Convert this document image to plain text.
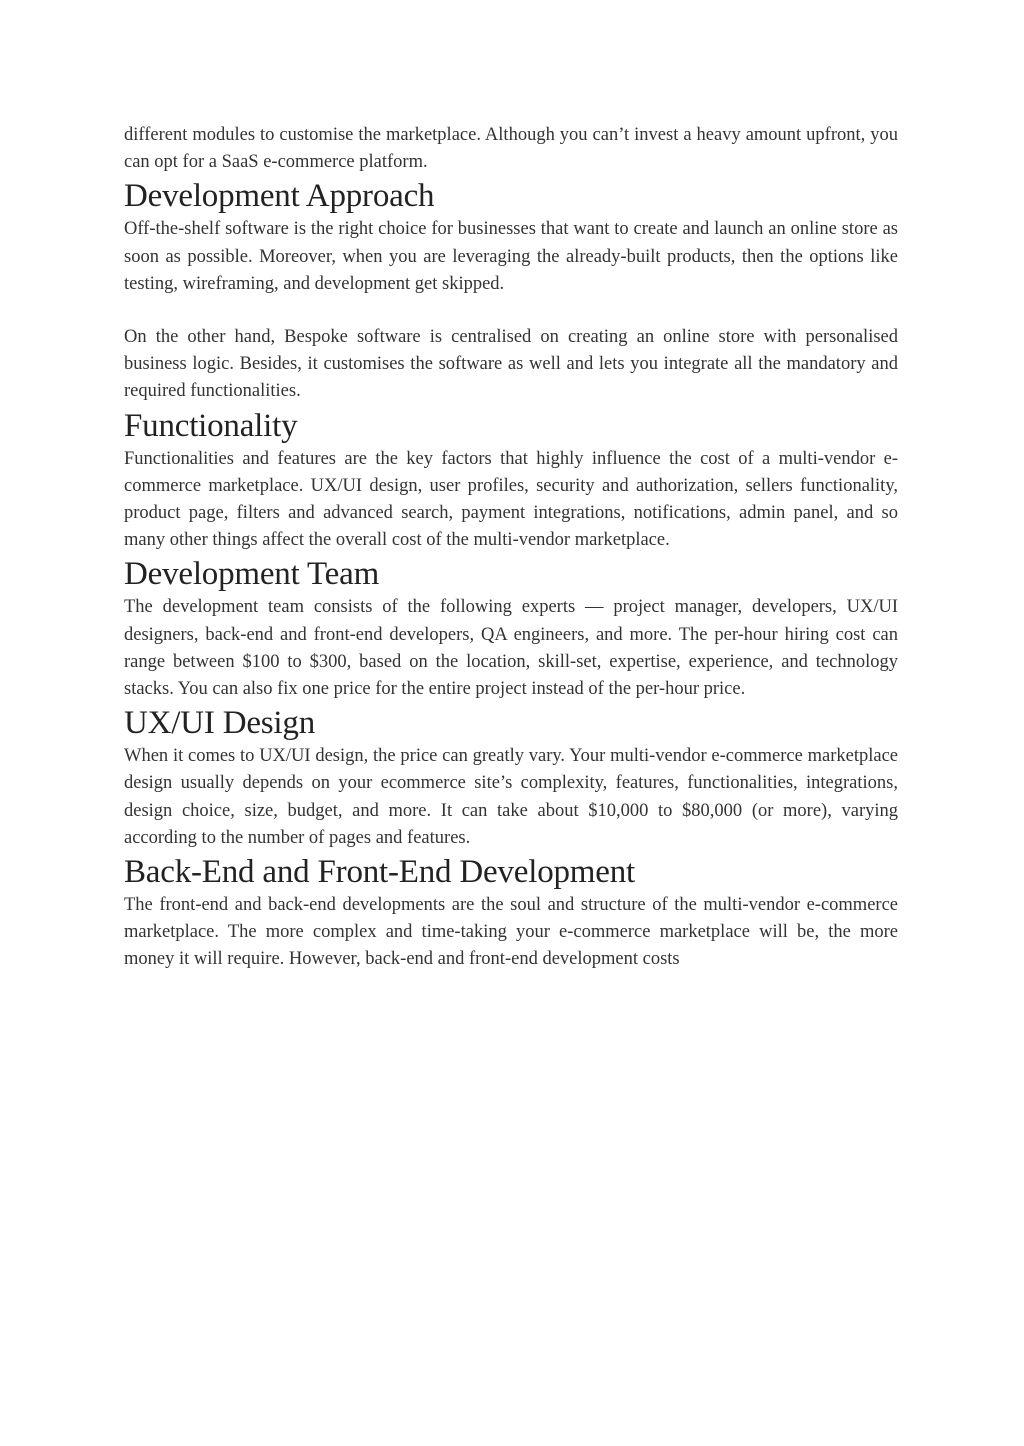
different modules to customise the marketplace. Although you can’t invest a heavy amount upfront, you can opt for a SaaS e-commerce platform.

Development Approach

Off-the-shelf software is the right choice for businesses that want to create and launch an online store as soon as possible. Moreover, when you are leveraging the already-built products, then the options like testing, wireframing, and development get skipped.

On the other hand, Bespoke software is centralised on creating an online store with personalised business logic. Besides, it customises the software as well and lets you integrate all the mandatory and required functionalities.

Functionality

Functionalities and features are the key factors that highly influence the cost of a multi-vendor e-commerce marketplace. UX/UI design, user profiles, security and authorization, sellers functionality, product page, filters and advanced search, payment integrations, notifications, admin panel, and so many other things affect the overall cost of the multi-vendor marketplace.

Development Team

The development team consists of the following experts — project manager, developers, UX/UI designers, back-end and front-end developers, QA engineers, and more. The per-hour hiring cost can range between $100 to $300, based on the location, skill-set, expertise, experience, and technology stacks. You can also fix one price for the entire project instead of the per-hour price.

UX/UI Design

When it comes to UX/UI design, the price can greatly vary. Your multi-vendor e-commerce marketplace design usually depends on your ecommerce site’s complexity, features, functionalities, integrations, design choice, size, budget, and more. It can take about $10,000 to $80,000 (or more), varying according to the number of pages and features.

Back-End and Front-End Development

The front-end and back-end developments are the soul and structure of the multi-vendor e-commerce marketplace. The more complex and time-taking your e-commerce marketplace will be, the more money it will require. However, back-end and front-end development costs
